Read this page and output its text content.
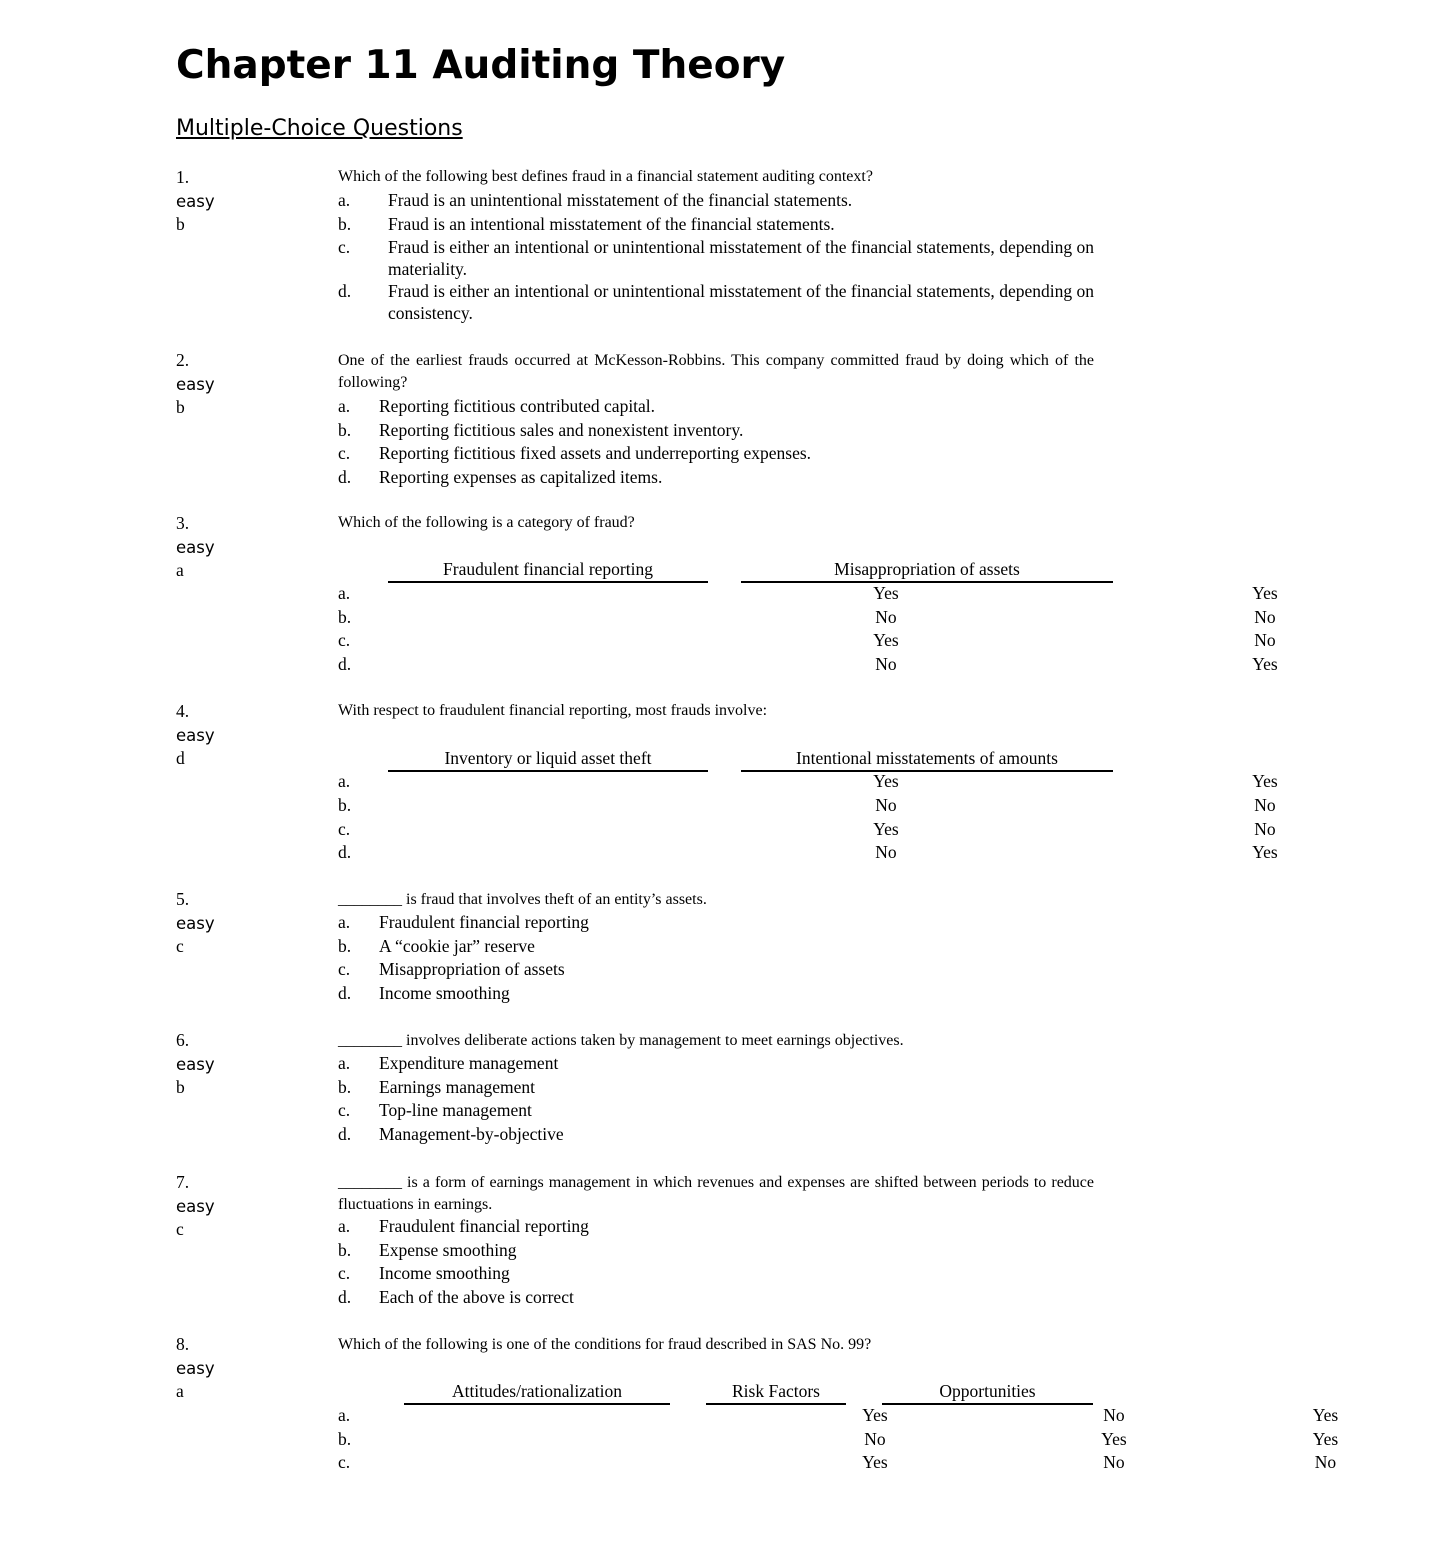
Chapter 11 Auditing Theory
Multiple-Choice Questions
1.
easy
b
Which of the following best defines fraud in a financial statement auditing context?
a. Fraud is an unintentional misstatement of the financial statements.
b. Fraud is an intentional misstatement of the financial statements.
c. Fraud is either an intentional or unintentional misstatement of the financial statements, depending on materiality.
d. Fraud is either an intentional or unintentional misstatement of the financial statements, depending on consistency.
2.
easy
b
One of the earliest frauds occurred at McKesson-Robbins. This company committed fraud by doing which of the following?
a. Reporting fictitious contributed capital.
b. Reporting fictitious sales and nonexistent inventory.
c. Reporting fictitious fixed assets and underreporting expenses.
d. Reporting expenses as capitalized items.
3.
easy
a
Which of the following is a category of fraud?
Fraudulent financial reporting	Misappropriation of assets
a.	Yes	Yes
b.	No	No
c.	Yes	No
d.	No	Yes
4.
easy
d
With respect to fraudulent financial reporting, most frauds involve:
Inventory or liquid asset theft	Intentional misstatements of amounts
a.	Yes	Yes
b.	No	No
c.	Yes	No
d.	No	Yes
5.
easy
c
________ is fraud that involves theft of an entity’s assets.
a. Fraudulent financial reporting
b. A “cookie jar” reserve
c. Misappropriation of assets
d. Income smoothing
6.
easy
b
________ involves deliberate actions taken by management to meet earnings objectives.
a. Expenditure management
b. Earnings management
c. Top-line management
d. Management-by-objective
7.
easy
c
________ is a form of earnings management in which revenues and expenses are shifted between periods to reduce fluctuations in earnings.
a. Fraudulent financial reporting
b. Expense smoothing
c. Income smoothing
d. Each of the above is correct
8.
easy
a
Which of the following is one of the conditions for fraud described in SAS No. 99?
Attitudes/rationalization	Risk Factors	Opportunities
a.	Yes	No	Yes
b.	No	Yes	Yes
c.	Yes	No	No
